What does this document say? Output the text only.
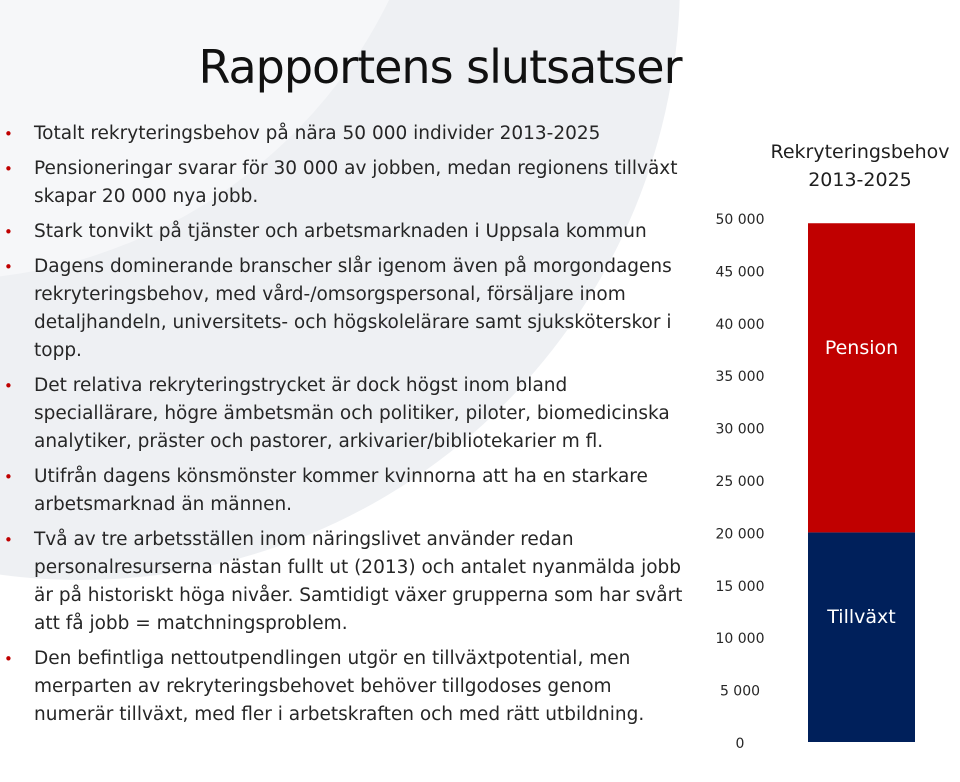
Rapportens slutsatser
• Totalt rekryteringsbehov på nära 50 000 individer 2013-2025
• Pensioneringar svarar för 30 000 av jobben, medan regionens tillväxt skapar 20 000 nya jobb.
• Stark tonvikt på tjänster och arbetsmarknaden i Uppsala kommun
• Dagens dominerande branscher slår igenom även på morgondagens rekryteringsbehov, med vård-/omsorgspersonal, försäljare inom detaljhandeln, universitets- och högskolelärare samt sjuksköterskor i topp.
• Det relativa rekryteringstrycket är dock högst inom bland speciallärare, högre ämbetsmän och politiker, piloter, biomedicinska analytiker, präster och pastorer, arkivarier/bibliotekarier m fl.
• Utifrån dagens könsmönster kommer kvinnorna att ha en starkare arbetsmarknad än männen.
• Två av tre arbetsställen inom näringslivet använder redan personalresurserna nästan fullt ut (2013) och antalet nyanmälda jobb är på historiskt höga nivåer. Samtidigt växer grupperna som har svårt att få jobb = matchningsproblem.
• Den befintliga nettoutpendlingen utgör en tillväxtpotential, men merparten av rekryteringsbehovet behöver tillgodoses genom numerär tillväxt, med fler i arbetskraften och med rätt utbildning.
Rekryteringsbehov
2013-2025
0
5 000
10 000
15 000
20 000
25 000
30 000
35 000
40 000
45 000
50 000
Tillväxt
Pension
